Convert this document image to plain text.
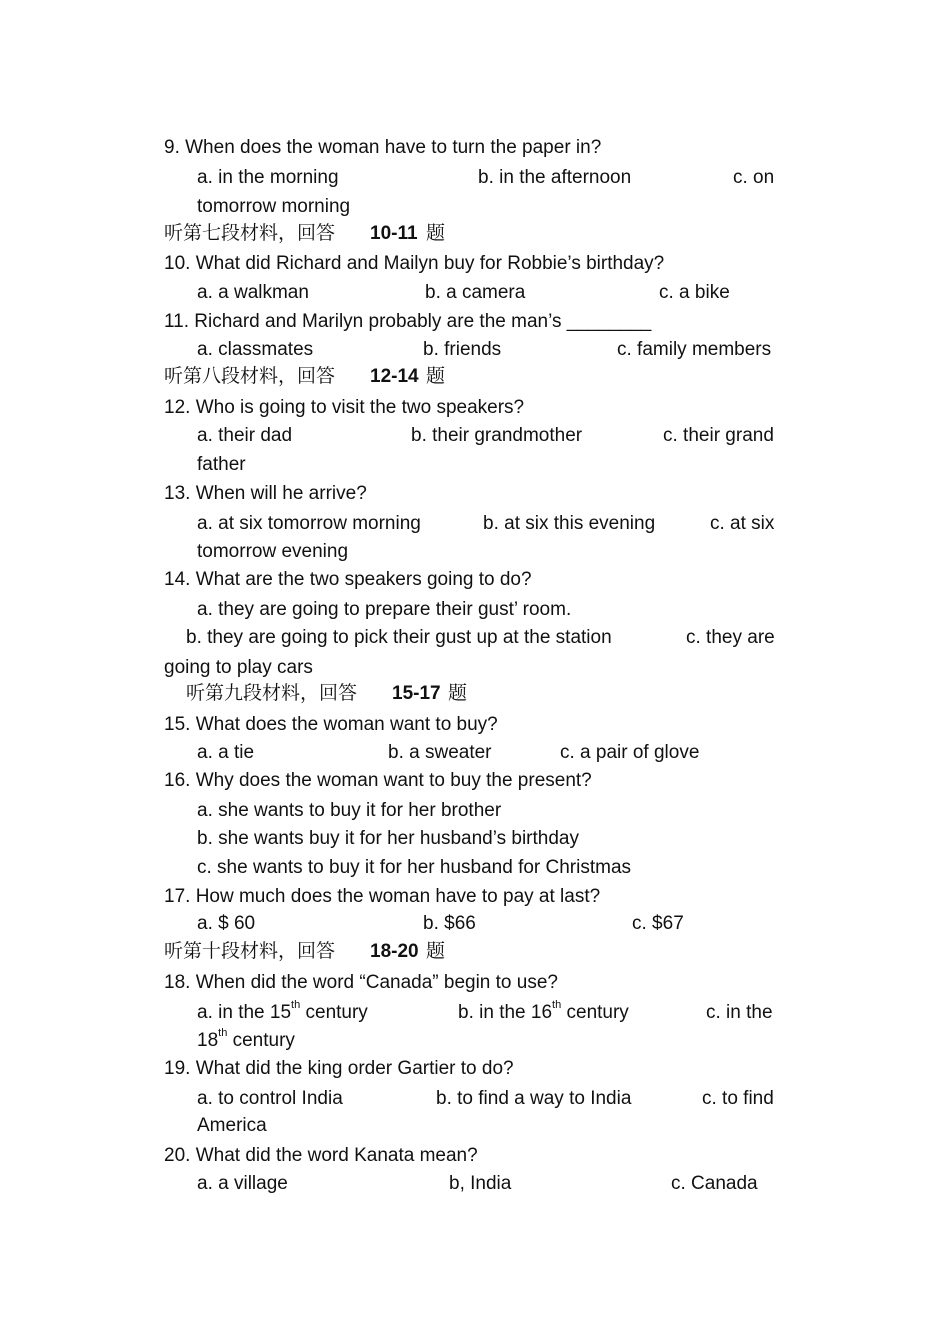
9. When does the woman have to turn the paper in?
a. in the morning	b. in the afternoon	c. on
tomorrow morning
听第七段材料，回答 10-11 题
10. What did Richard and Mailyn buy for Robbie’s birthday?
a. a walkman	b. a camera	c. a bike
11. Richard and Marilyn probably are the man’s ________
a. classmates	b. friends	c. family members
听第八段材料，回答 12-14 题
12. Who is going to visit the two speakers?
a. their dad	b. their grandmother	c. their grand
father
13. When will he arrive?
a. at six tomorrow morning	b. at six this evening	c. at six
tomorrow evening
14. What are the two speakers going to do?
a. they are going to prepare their gust’ room.
b. they are going to pick their gust up at the station	c. they are
going to play cars
听第九段材料，回答 15-17 题
15. What does the woman want to buy?
a. a tie	b. a sweater	c. a pair of glove
16. Why does the woman want to buy the present?
a. she wants to buy it for her brother
b. she wants buy it for her husband’s birthday
c. she wants to buy it for her husband for Christmas
17. How much does the woman have to pay at last?
a. $ 60	b. $66	c. $67
听第十段材料，回答 18-20 题
18. When did the word “Canada” begin to use?
a. in the 15th century	b. in the 16th century	c. in the
18th century
19. What did the king order Gartier to do?
a. to control India	b. to find a way to India	c. to find
America
20. What did the word Kanata mean?
a. a village	b, India	c. Canada
